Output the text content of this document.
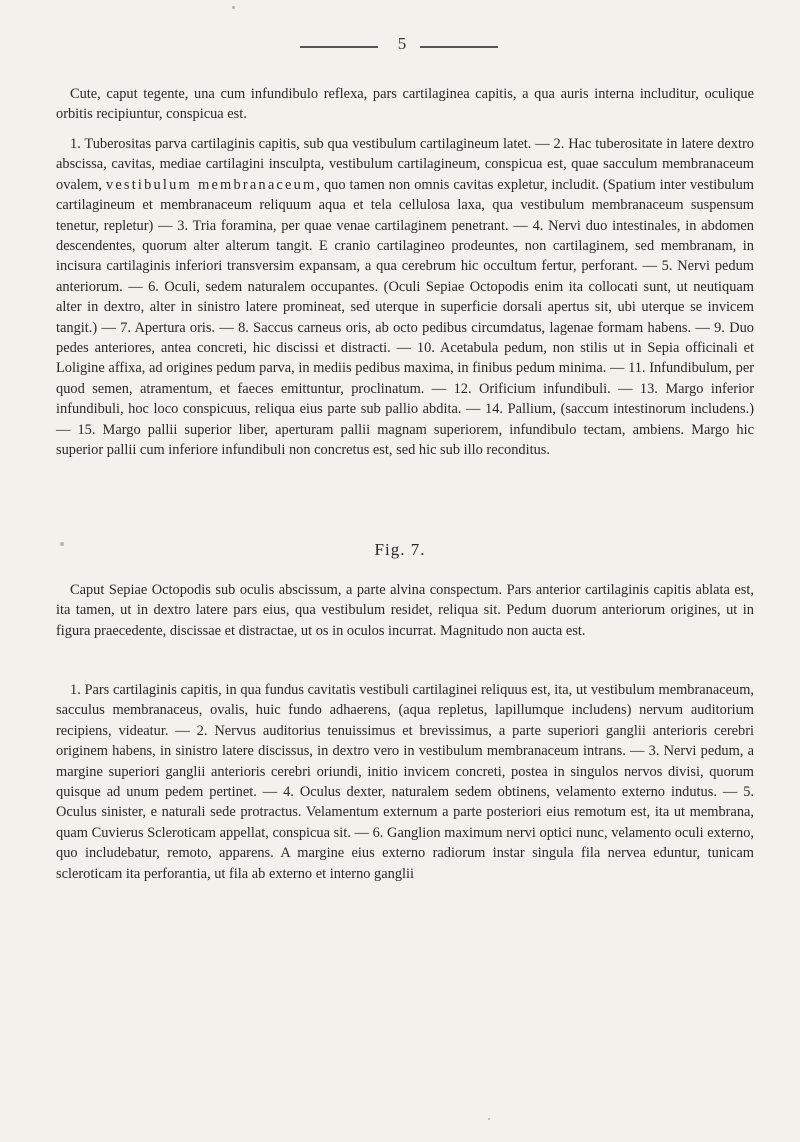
5

Cute, caput tegente, una cum infundibulo reflexa, pars cartilaginea capitis, a qua auris interna includitur, oculique orbitis recipiuntur, conspicua est.

1. Tuberositas parva cartilaginis capitis, sub qua vestibulum cartilagineum latet. — 2. Hac tuberositate in latere dextro abscissa, cavitas, mediae cartilagini insculpta, vestibulum cartilagineum, conspicua est, quae sacculum membranaceum ovalem, vestibulum membranaceum, quo tamen non omnis cavitas expletur, includit. (Spatium inter vestibulum cartilagineum et membranaceum reliquum aqua et tela cellulosa laxa, qua vestibulum membranaceum suspensum tenetur, repletur) — 3. Tria foramina, per quae venae cartilaginem penetrant. — 4. Nervi duo intestinales, in abdomen descendentes, quorum alter alterum tangit. E cranio cartilagineo prodeuntes, non cartilaginem, sed membranam, in incisura cartilaginis inferiori transversim expansam, a qua cerebrum hic occultum fertur, perforant. — 5. Nervi pedum anteriorum. — 6. Oculi, sedem naturalem occupantes. (Oculi Sepiae Octopodis enim ita collocati sunt, ut neutiquam alter in dextro, alter in sinistro latere promineat, sed uterque in superficie dorsali apertus sit, ubi uterque se invicem tangit.) — 7. Apertura oris. — 8. Saccus carneus oris, ab octo pedibus circumdatus, lagenae formam habens. — 9. Duo pedes anteriores, antea concreti, hic discissi et distracti. — 10. Acetabula pedum, non stilis ut in Sepia officinali et Loligine affixa, ad origines pedum parva, in mediis pedibus maxima, in finibus pedum minima. — 11. Infundibulum, per quod semen, atramentum, et faeces emittuntur, proclinatum. — 12. Orificium infundibuli. — 13. Margo inferior infundibuli, hoc loco conspicuus, reliqua eius parte sub pallio abdita. — 14. Pallium, (saccum intestinorum includens.) — 15. Margo pallii superior liber, aperturam pallii magnam superiorem, infundibulo tectam, ambiens. Margo hic superior pallii cum inferiore infundibuli non concretus est, sed hic sub illo reconditus.

Fig. 7.

Caput Sepiae Octopodis sub oculis abscissum, a parte alvina conspectum. Pars anterior cartilaginis capitis ablata est, ita tamen, ut in dextro latere pars eius, qua vestibulum residet, reliqua sit. Pedum duorum anteriorum origines, ut in figura praecedente, discissae et distractae, ut os in oculos incurrat. Magnitudo non aucta est.

1. Pars cartilaginis capitis, in qua fundus cavitatis vestibuli cartilaginei reliquus est, ita, ut vestibulum membranaceum, sacculus membranaceus, ovalis, huic fundo adhaerens, (aqua repletus, lapillumque includens) nervum auditorium recipiens, videatur. — 2. Nervus auditorius tenuissimus et brevissimus, a parte superiori ganglii anterioris cerebri originem habens, in sinistro latere discissus, in dextro vero in vestibulum membranaceum intrans. — 3. Nervi pedum, a margine superiori ganglii anterioris cerebri oriundi, initio invicem concreti, postea in singulos nervos divisi, quorum quisque ad unum pedem pertinet. — 4. Oculus dexter, naturalem sedem obtinens, velamento externo indutus. — 5. Oculus sinister, e naturali sede protractus. Velamentum externum a parte posteriori eius remotum est, ita ut membrana, quam Cuvierus Scleroticam appellat, conspicua sit. — 6. Ganglion maximum nervi optici nunc, velamento oculi externo, quo includebatur, remoto, apparens. A margine eius externo radiorum instar singula fila nervea eduntur, tunicam scleroticam ita perforantia, ut fila ab externo et interno ganglii
